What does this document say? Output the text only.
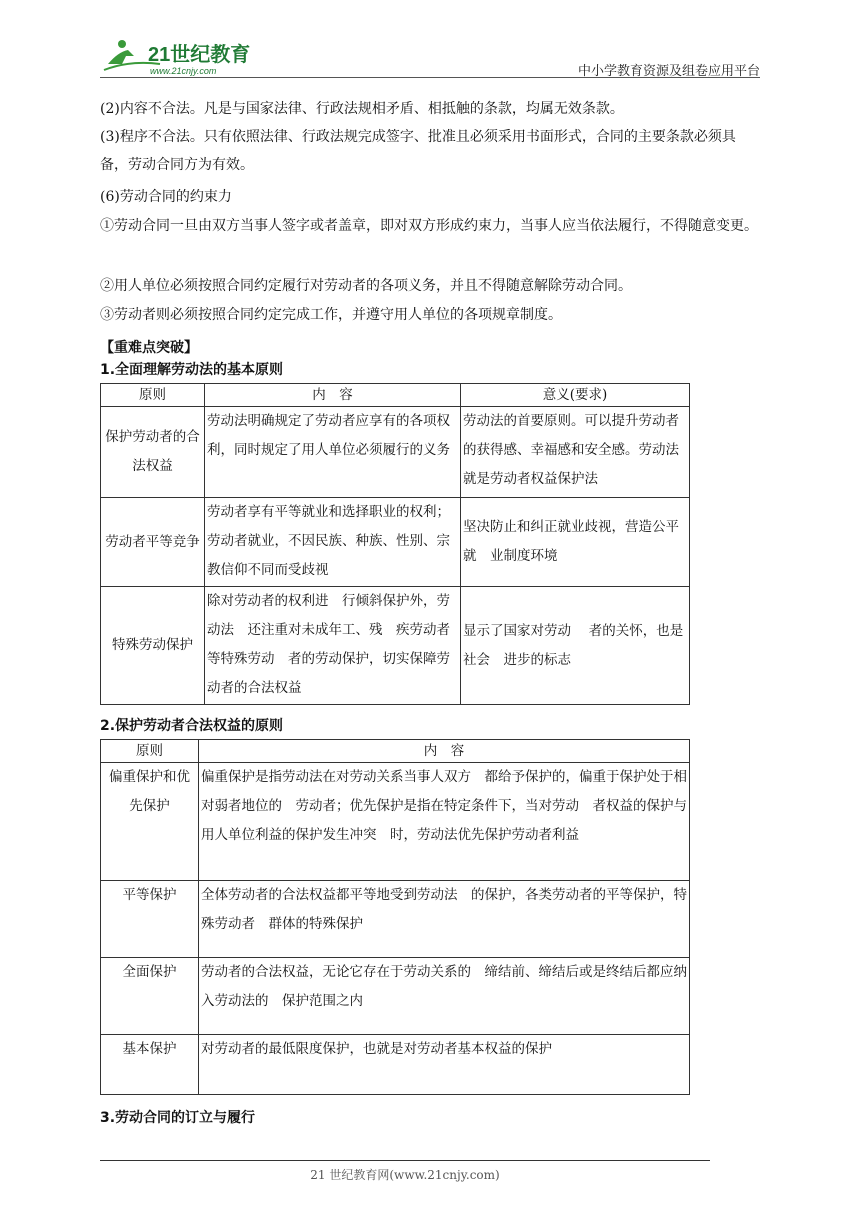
21世纪教育
www.21cnjy.com	中小学教育资源及组卷应用平台
(2)内容不合法。凡是与国家法律、行政法规相矛盾、相抵触的条款，均属无效条款。
(3)程序不合法。只有依照法律、行政法规完成签字、批准且必须采用书面形式，合同的主要条款必须具备，劳动合同方为有效。
(6)劳动合同的约束力
①劳动合同一旦由双方当事人签字或者盖章，即对双方形成约束力，当事人应当依法履行，不得随意变更。
②用人单位必须按照合同约定履行对劳动者的各项义务，并且不得随意解除劳动合同。
③劳动者则必须按照合同约定完成工作，并遵守用人单位的各项规章制度。
【重难点突破】
1.全面理解劳动法的基本原则
原则	内　容	意义(要求)
保护劳动者的合法权益	劳动法明确规定了劳动者应享有的各项权　利，同时规定了用人单位必须履行的义务	劳动法的首要原则。可以提升劳动者的获得感、幸福感和安全感。劳动法就是劳动者权益保护法
劳动者平等竞争	劳动者享有平等就业和选择职业的权利；劳动者就业，不因民族、种族、性别、宗教信仰不同而受歧视	坚决防止和纠正就业歧视，营造公平就　业制度环境
特殊劳动保护	除对劳动者的权利进　行倾斜保护外，劳动法　还注重对未成年工、残　疾劳动者等特殊劳动　者的劳动保护，切实保障劳动者的合法权益	显示了国家对劳动　 者的关怀，也是社会　进步的标志
2.保护劳动者合法权益的原则
原则	内　容
偏重保护和优先保护	偏重保护是指劳动法在对劳动关系当事人双方　都给予保护的，偏重于保护处于相对弱者地位的　劳动者；优先保护是指在特定条件下，当对劳动　者权益的保护与用人单位利益的保护发生冲突　时，劳动法优先保护劳动者利益
平等保护	全体劳动者的合法权益都平等地受到劳动法　的保护，各类劳动者的平等保护，特殊劳动者　群体的特殊保护
全面保护	劳动者的合法权益，无论它存在于劳动关系的　缔结前、缔结后或是终结后都应纳入劳动法的　保护范围之内
基本保护	对劳动者的最低限度保护，也就是对劳动者基本权益的保护
3.劳动合同的订立与履行
21 世纪教育网(www.21cnjy.com)
